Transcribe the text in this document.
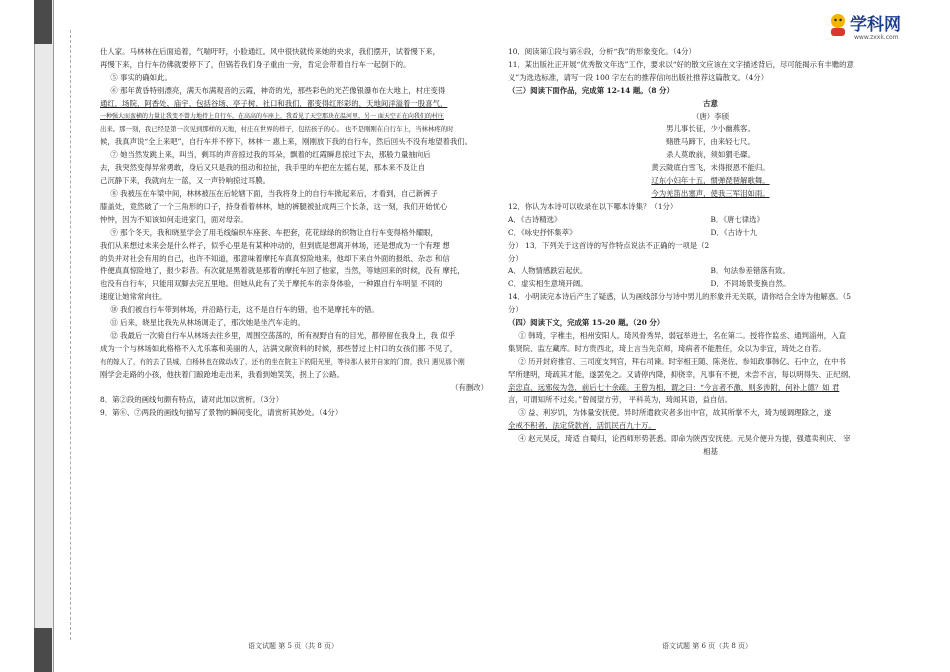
学科网
www.zxxk.com

仕人家。马林林在后面追着，气喘吁吁，小脸通红。风中很快就传来她的央求，我们摆开，试着慢下来，

再慢下来，自行车彷佛就要停下了，但锅若我们身子重由一旁，肯定会带着自行车一起倒下的。

⑤ 事实的确如此。

⑥ 那年黄昏特别漂亮，满天布满观音的云霞，神奇的光，那些彩色的光芒像银瀑布在大地上，村庄变得

通红，场院、阿香处、庙宇，包括谷场、亭子树、社口和我们，都变得红形彩的，天地间洋溢着一股喜气，

一种强大而蛮横的力量让我变不曾力地持上自行车，在高高的车座上，我看见了天空那块在温河里，另一 面天空正在向我们的村庄

出来。那一刻，我已经是第一次见到那样的天地，村庄在世界的样子，包括孩子的心。 也不是刚刚在自行车上，当林林疼的时

候，我真声说“全上来吧”，自行车并不停下，林林一 惠上来，刚刚放下我的自行车，然后回头不没有地望着我们。

⑦ 她当然发跳上来，叫当，剩耳的声音掠过我的耳朵，飘着的红霞瞬息掠过下去，那般力量抽向后

去，我突然变得异常勇敢，身后又只是我的扭动和拉扯，我手里的车把在左摇右晃，那本来不及让自

己沉静下来，我就向左一蓝，又一声铃响掠过耳膜。

⑧ 我被压在车梁中间，林林被压在后轮辖下面，当我将身上的自行车掀起来后，才看到，自己新裤子

膝盖处，竟然破了一个三角形的口子，持身看着林林，她的裤腿被扯成两三个长条，这一刻，我们开始忧心

忡忡，因为不知该如何走进家门，面对母亲。

⑨ 那个冬天，我和晓星学会了用毛线编织车座套、车把套，花花绿绿的织物让自行车变得格外耀眼，

我们从来想过未来会是什么样子，似乎心里是有某种冲动的，但到底是想离开林场，还是想成为一个有理 想

的负并对社会有用的自己，也许不知道，那意味着摩托车真真惊险地来，他却下来自外面的报纸、杂志 和信

件便真真惊险地了，报少彩昔。有次就是黑着就是那着的摩托车回了他家，当然，等她回来的时候，没有 摩托，

也没有自行车，只能用双脚去完五里地。但她从此有了关于摩托车的亲身体验，一种跟自行车明显 不同的

速度让她常常向往。

⑩ 我们被自行车带到林场，并沿路行走，这不是自行车的错，也不是摩托车的错。

⑪ 后来，晓星比我先从林场调走了，那次她是坐汽车走的。

⑫ 我最后一次骑自行车从林场去往乡里，周围空荡荡的，所有视野自有的目光，都停留在我身上，我 似乎

成为一个与林场如此格格不入尤乐寡和美丽的人，沾满文献资料的时候，那些替过上村口的女孩们都 不见了，

有的嫁人了，有的去了县城，白杨林也在做动改了，还有的坐在院主下的阳光里，等待那人被井自家的门窗，我只 遇见那个刚

刚学会走路的小孩，他扶着门踉跄地走出来，我看到她笑笑，拐上了公路。

（有删改）

8．第②段的画线句颇有特点，请对此加以赏析。（3分）

9．第⑥、⑦两段的画线句描写了景物的瞬间变化，请赏析其妙处。（4分）

10．阅读第①段与第⑥段，分析“我”的形象变化。（4分）

11．某出版社正开展“优秀散文年选”工作，要求以“好的散文应该在文字描述背后，尽可能揭示有丰赡的意

义”为选选标准，请写一段 100 字左右的推荐信向出版社推荐这篇散文。（4分）

（三）阅读下面作品，完成第 12-14 题。（8 分）

古意

（唐）李颀

男儿事长征，少小幽燕客。

赌胜马蹄下，由来轻七尺。

杀人莫敢前，须如猬毛磔。

黄云陇底白雪飞，未得报恩不能归。

辽东小妇年十五，惯弹琵琶解歌舞。

今为羌笛出塞声，使我三军泪如雨。

12．你认为本诗可以收录在以下哪本诗集？（1分）

A．《古诗精选》	B．《唐七律选》
C．《咏史抒怀集萃》	D．《古诗十九

分） 13．下列关于这首诗的写作特点说法不正确的一项是（2

分）

A．人物情感跌宕起伏。	B．句法参差错落有致。
C．虚实相生意境开阔。	D．不同场景变换自然。

14．小明读完本诗后产生了疑惑，认为画线部分与诗中男儿的形象并无关联，请你结合全诗为他解惑。（5

分）

（四）阅读下文，完成第 15-20 题。（20 分）

① 韩琦，字稚圭，相州安阳人。琦风骨秀异，弱冠举进士，名在第二。授将作监丞、通判淄州，入直

集贤院、监左藏库。时方贵西北，琦上言当先京师，琦病者不能胜任，众以为非宜，琦处之自若。

② 历开封府推官、三司度支判官，拜右司谏。时宰相王随、陈尧佐、参知政事韩亿、石中立，在中书

罕所建明，琦疏其才能，遂罢免之。又请停内降，抑侥幸，凡事有不便，未尝不言，每以明得失、正纪纲、

亲忠直、远邪佞为急，前后七十余疏。王曾为相，谓之曰：“今言者不激，则多涉附，何补上德？如 君

言，可谓知所不过矣。”曾闻望方劳， 平科英为，琦闻其语，益自信。

③ 益、利岁饥，为体量安抚使。异时所遣救灾者多出中官，故其所掌不大，琦为缓调理除之，遂

全戒不积者，法定贷款首，活饥民百九十万。

④ 赵元昊反，琦适 自蜀归，论西师形势甚悉。即命为陕西安抚使。元昊介便升为提，强遣卖利庆、 宰

相基

语文试题 第 5 页（共 8 页）	语文试题 第 6 页（共 8 页）
